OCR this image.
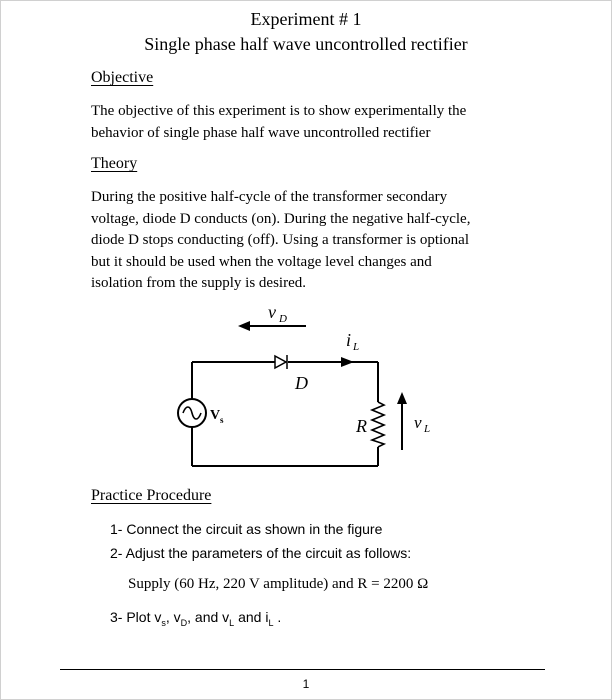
Experiment # 1
Single phase half wave uncontrolled rectifier
Objective
The objective of this experiment is to show experimentally the
behavior of single phase half wave uncontrolled rectifier
Theory
During the positive half-cycle of the transformer secondary
voltage, diode D conducts (on). During the negative half-cycle,
diode D stops conducting (off). Using a transformer is optional
but it should be used when the voltage level changes and
isolation from the supply is desired.
v D
i L
D
V s	R	v L
Practice Procedure
1- Connect the circuit as shown in the figure
2- Adjust the parameters of the circuit as follows:
Supply (60 Hz, 220 V amplitude) and R = 2200 Ω
3- Plot $v_s$, $v_D$, and $v_L$ and $i_L$ .
1
